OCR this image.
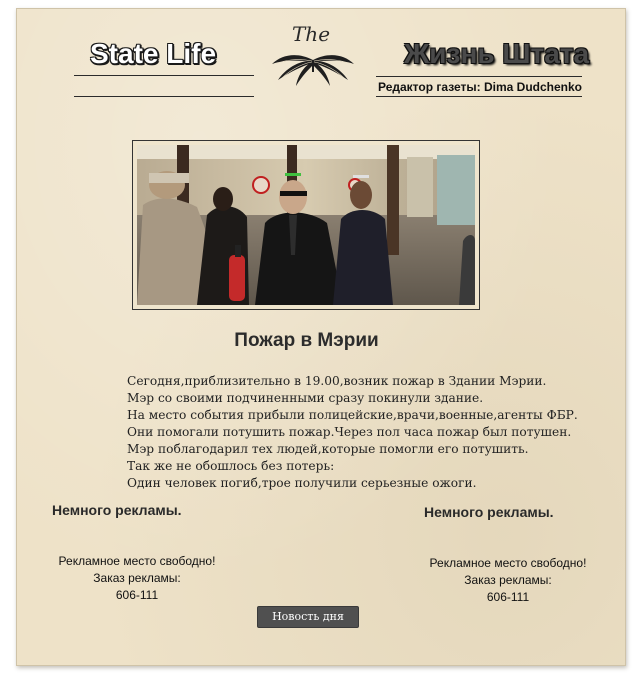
State Life
The
Жизнь Штата
Редактор газеты: Dima Dudchenko
Пожар в Мэрии
Сегодня,приблизительно в 19.00,возник пожар в Здании Мэрии.
Мэр со своими подчиненными сразу покинули здание.
На место события прибыли полицейские,врачи,военные,агенты ФБР.
Они помогали потушить пожар.Через пол часа пожар был потушен.
Мэр поблагодарил тех людей,которые помогли его потушить.
Так же не обошлось без потерь:
Один человек погиб,трое получили серьезные ожоги.
Немного рекламы.
Рекламное место свободно!
Заказ рекламы:
606-111
Немного рекламы.
Рекламное место свободно!
Заказ рекламы:
606-111
Новость дня
